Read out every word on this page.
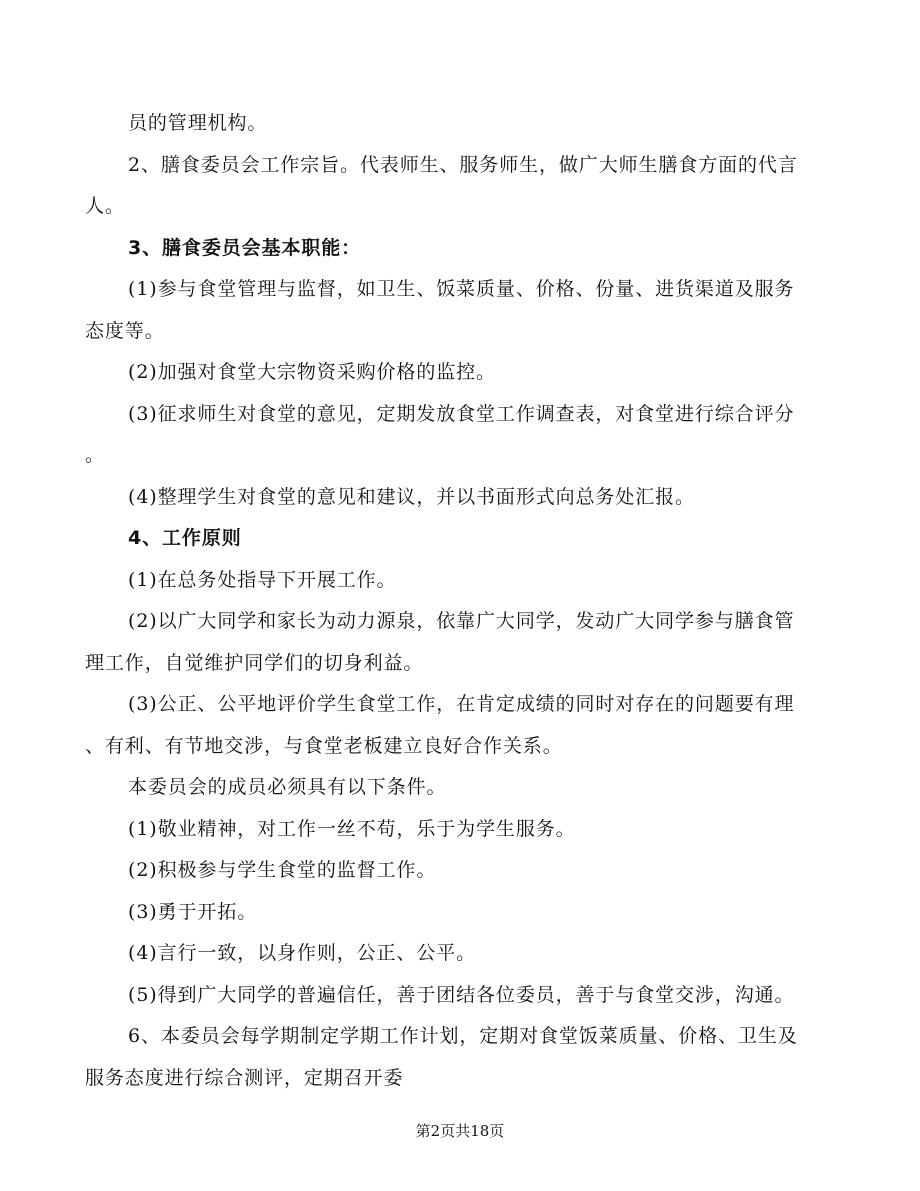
员的管理机构。
2、膳食委员会工作宗旨。代表师生、服务师生，做广大师生膳食方面的代言
人。
3、膳食委员会基本职能：
(1)参与食堂管理与监督，如卫生、饭菜质量、价格、份量、进货渠道及服务
态度等。
(2)加强对食堂大宗物资采购价格的监控。
(3)征求师生对食堂的意见，定期发放食堂工作调查表，对食堂进行综合评分
。
(4)整理学生对食堂的意见和建议，并以书面形式向总务处汇报。
4、工作原则
(1)在总务处指导下开展工作。
(2)以广大同学和家长为动力源泉，依靠广大同学，发动广大同学参与膳食管
理工作，自觉维护同学们的切身利益。
(3)公正、公平地评价学生食堂工作，在肯定成绩的同时对存在的问题要有理
、有利、有节地交涉，与食堂老板建立良好合作关系。
本委员会的成员必须具有以下条件。
(1)敬业精神，对工作一丝不苟，乐于为学生服务。
(2)积极参与学生食堂的监督工作。
(3)勇于开拓。
(4)言行一致，以身作则，公正、公平。
(5)得到广大同学的普遍信任，善于团结各位委员，善于与食堂交涉，沟通。
6、本委员会每学期制定学期工作计划，定期对食堂饭菜质量、价格、卫生及
服务态度进行综合测评，定期召开委
第2页共18页
